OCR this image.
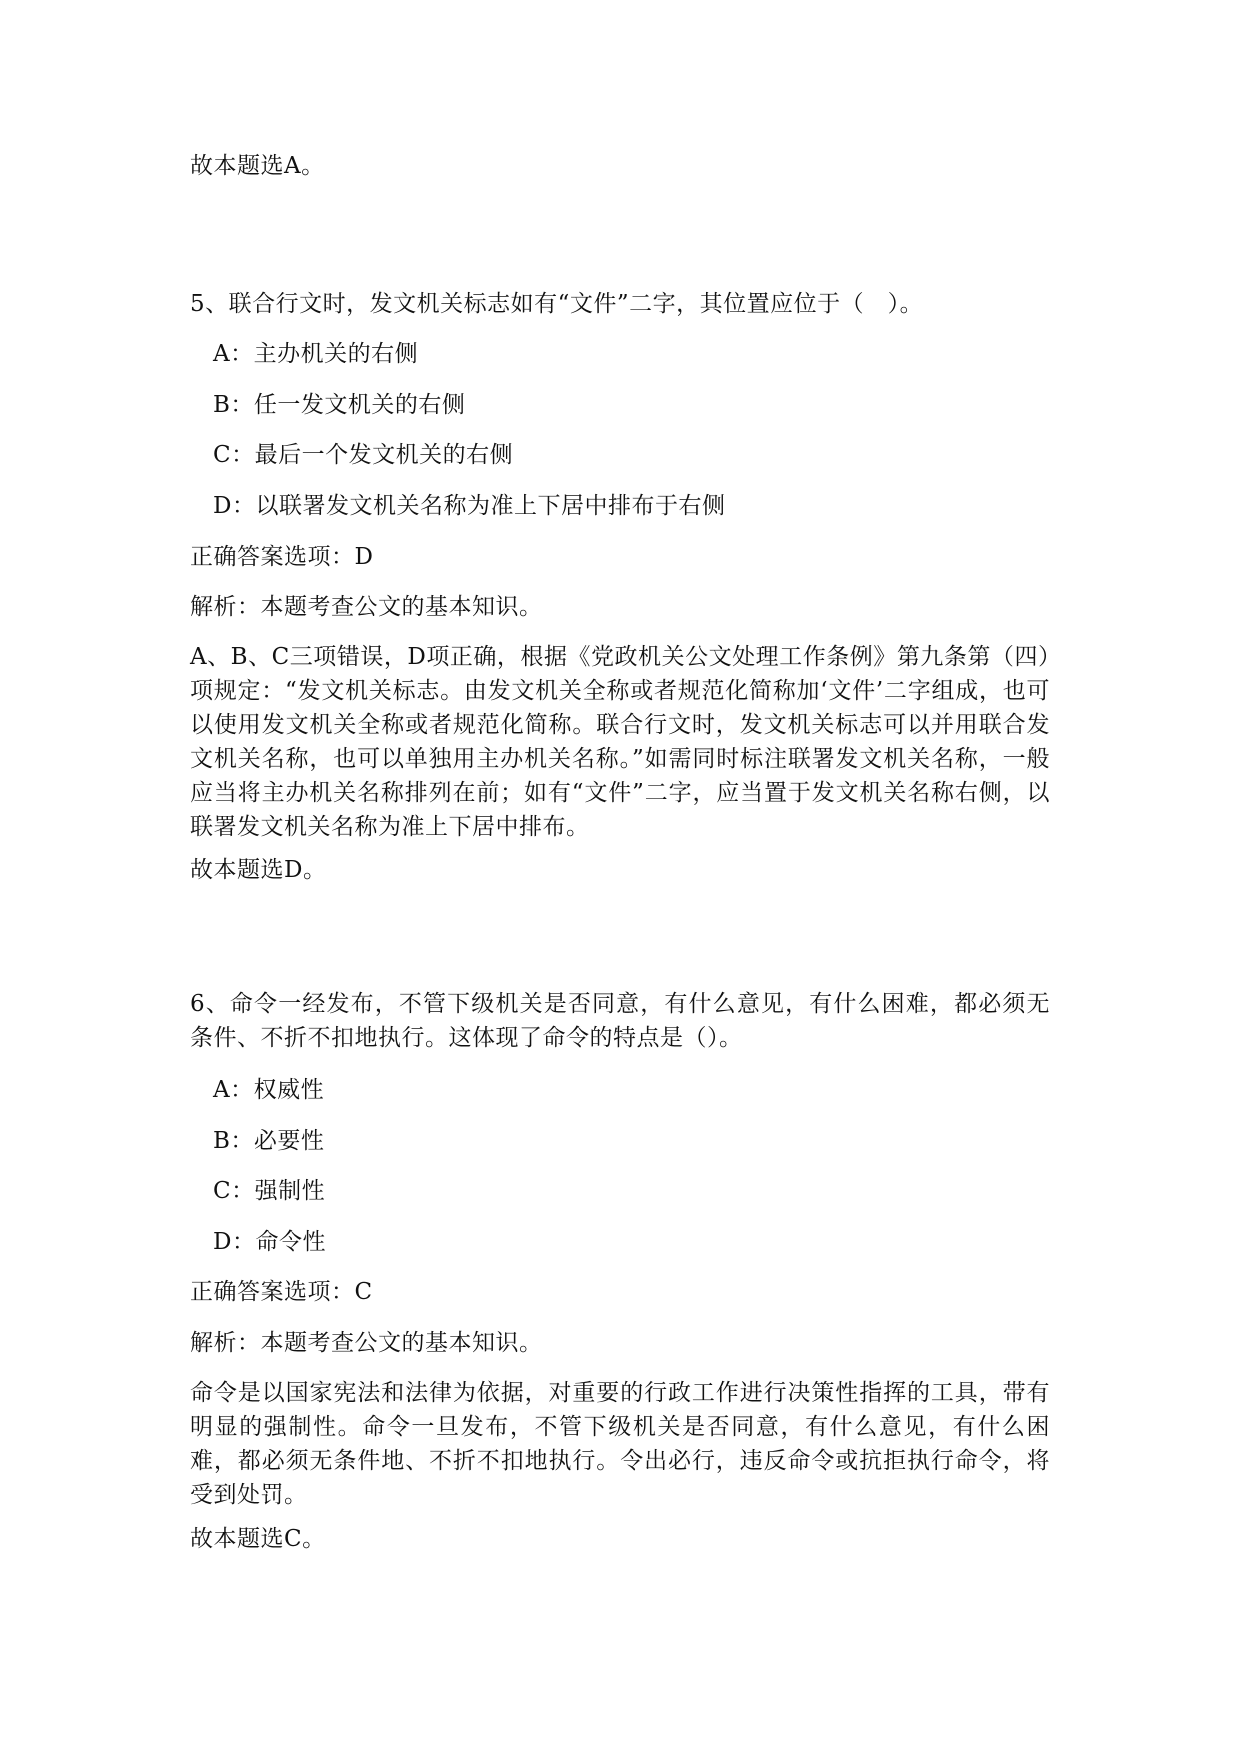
故本题选A。
5、联合行文时，发文机关标志如有“文件”二字，其位置应位于（　）。
A：主办机关的右侧
B：任一发文机关的右侧
C：最后一个发文机关的右侧
D：以联署发文机关名称为准上下居中排布于右侧
正确答案选项：D
解析：本题考查公文的基本知识。
A、B、C三项错误，D项正确，根据《党政机关公文处理工作条例》第九条第（四）项规定：“发文机关标志。由发文机关全称或者规范化简称加‘文件’二字组成，也可以使用发文机关全称或者规范化简称。联合行文时，发文机关标志可以并用联合发文机关名称，也可以单独用主办机关名称。”如需同时标注联署发文机关名称，一般应当将主办机关名称排列在前；如有“文件”二字，应当置于发文机关名称右侧，以联署发文机关名称为准上下居中排布。
故本题选D。
6、命令一经发布，不管下级机关是否同意，有什么意见，有什么困难，都必须无条件、不折不扣地执行。这体现了命令的特点是（）。
A：权威性
B：必要性
C：强制性
D：命令性
正确答案选项：C
解析：本题考查公文的基本知识。
命令是以国家宪法和法律为依据，对重要的行政工作进行决策性指挥的工具，带有明显的强制性。命令一旦发布，不管下级机关是否同意，有什么意见，有什么困难，都必须无条件地、不折不扣地执行。令出必行，违反命令或抗拒执行命令，将受到处罚。
故本题选C。
